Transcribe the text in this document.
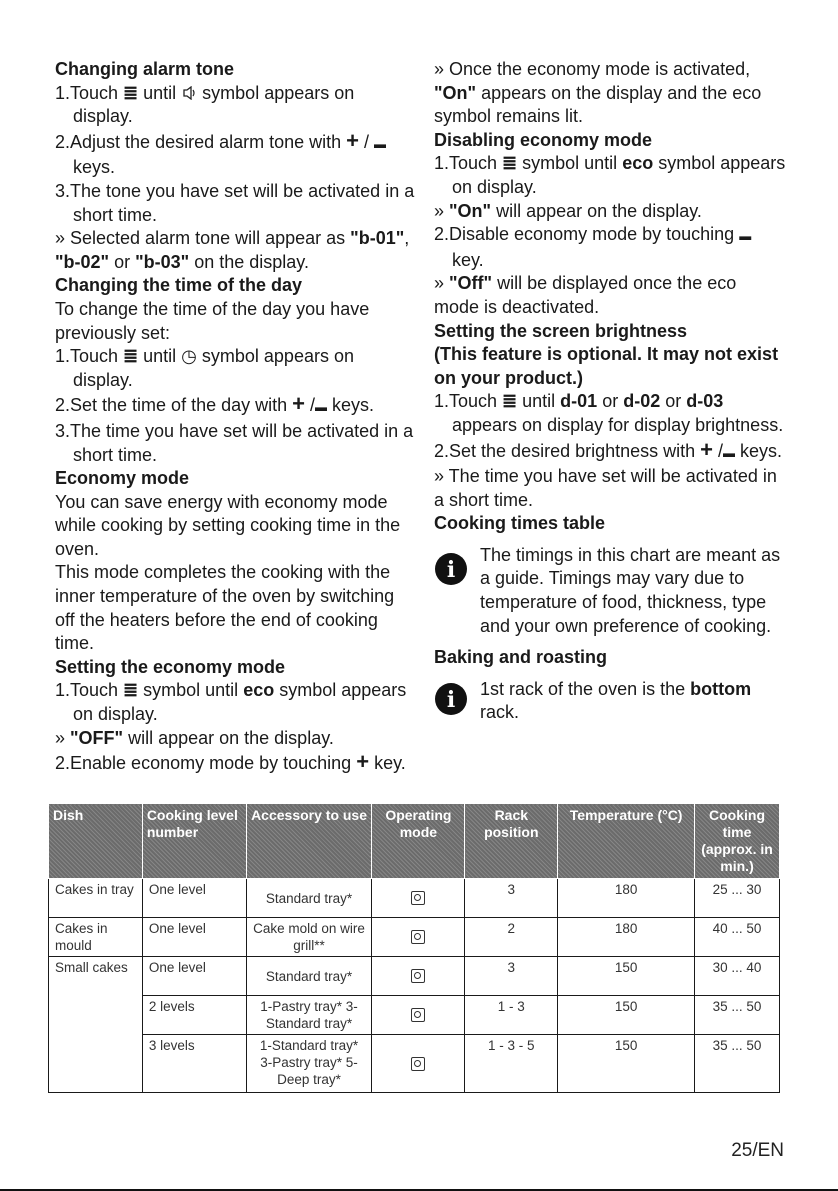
Changing alarm tone
1.Touch ≣ until  symbol appears on display.
2.Adjust the desired alarm tone with + / ▬ keys.
3.The tone you have set will be activated in a short time.
» Selected alarm tone will appear as "b-01", "b-02" or "b-03" on the display.
Changing the time of the day
To change the time of the day you have previously set:
1.Touch ≣ until ◷ symbol appears on display.
2.Set the time of the day with + /▬ keys.
3.The time you have set will be activated in a short time.
Economy mode
You can save energy with economy mode while cooking by setting cooking time in the oven.
This mode completes the cooking with the inner temperature of the oven by switching off the heaters before the end of cooking time.
Setting the economy mode
1.Touch ≣ symbol until eco symbol appears on display.
» "OFF" will appear on the display.
2.Enable economy mode by touching + key.
» Once the economy mode is activated, "On" appears on the display and the eco symbol remains lit.
Disabling economy mode
1.Touch ≣ symbol until eco symbol appears on display.
» "On" will appear on the display.
2.Disable economy mode by touching ▬ key.
» "Off" will be displayed once the eco mode is deactivated.
Setting the screen brightness
(This feature is optional. It may not exist on your product.)
1.Touch ≣ until d-01 or d-02 or d-03 appears on display for display brightness.
2.Set the desired brightness with + /▬ keys.
» The time you have set will be activated in a short time.
Cooking times table
i
The timings in this chart are meant as a guide. Timings may vary due to temperature of food, thickness, type and your own preference of cooking.
Baking and roasting
i 1st rack of the oven is the bottom rack.
Dish	Cooking level number	Accessory to use	Operating mode	Rack position	Temperature (°C)	Cooking time (approx. in min.)
Cakes in tray	One level	Standard tray*		3	180	25 ... 30
Cakes in mould	One level	Cake mold on wire grill**		2	180	40 ... 50
Small cakes	One level	Standard tray*		3	150	30 ... 40
	2 levels	1-Pastry tray* 3-Standard tray*		1 - 3	150	35 ... 50
	3 levels	1-Standard tray* 3-Pastry tray* 5-Deep tray*		1 - 3 - 5	150	35 ... 50
25/EN
